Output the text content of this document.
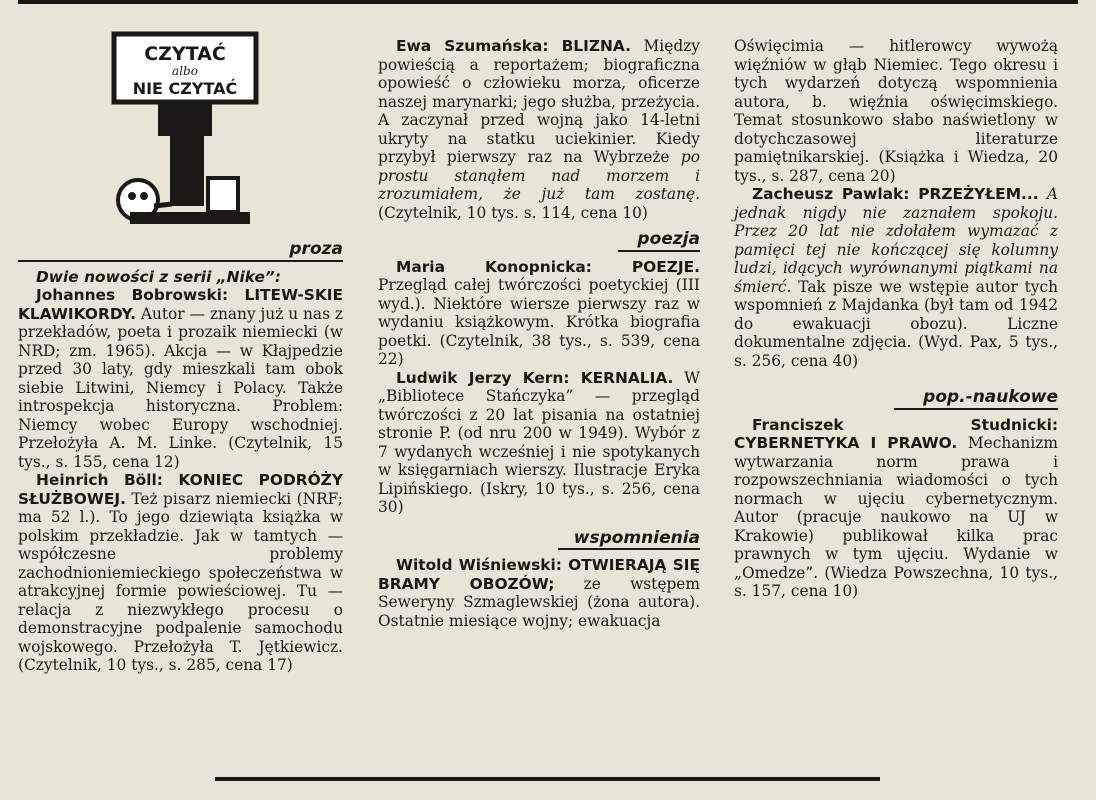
CZYTAĆ
albo
NIE CZYTAĆ
proza

Dwie nowości z serii „Nike”:

Johannes Bobrowski: LITEW-SKIE KLAWIKORDY. Autor — znany już u nas z przekładów, poeta i prozaik niemiecki (w NRD; zm. 1965). Akcja — w Kłajpedzie przed 30 laty, gdy mieszkali tam obok siebie Litwini, Niemcy i Polacy. Także introspekcja historyczna. Problem: Niemcy wobec Europy wschodniej. Przełożyła A. M. Linke. (Czytelnik, 15 tys., s. 155, cena 12)

Heinrich Böll: KONIEC PODRÓŻY SŁUŻBOWEJ. Też pisarz niemiecki (NRF; ma 52 l.). To jego dziewiąta książka w polskim przekładzie. Jak w tamtych — współczesne problemy zachodnioniemieckiego społeczeństwa w atrakcyjnej formie powieściowej. Tu — relacja z niezwykłego procesu o demonstracyjne podpalenie samochodu wojskowego. Przełożyła T. Jętkiewicz. (Czytelnik, 10 tys., s. 285, cena 17)

Ewa Szumańska: BLIZNA. Między powieścią a reportażem; biograficzna opowieść o człowieku morza, oficerze naszej marynarki; jego służba, przeżycia. A zaczynał przed wojną jako 14-letni ukryty na statku uciekinier. Kiedy przybył pierwszy raz na Wybrzeże po prostu stanąłem nad morzem i zrozumiałem, że już tam zostanę. (Czytelnik, 10 tys. s. 114, cena 10)

poezja

Maria Konopnicka: POEZJE. Przegląd całej twórczości poetyckiej (III wyd.). Niektóre wiersze pierwszy raz w wydaniu książkowym. Krótka biografia poetki. (Czytelnik, 38 tys., s. 539, cena 22)

Ludwik Jerzy Kern: KERNALIA. W „Bibliotece Stańczyka” — przegląd twórczości z 20 lat pisania na ostatniej stronie P. (od nru 200 w 1949). Wybór z 7 wydanych wcześniej i nie spotykanych w księgarniach wierszy. Ilustracje Eryka Lipińskiego. (Iskry, 10 tys., s. 256, cena 30)

wspomnienia

Witold Wiśniewski: OTWIERAJĄ SIĘ BRAMY OBOZÓW; ze wstępem Seweryny Szmaglewskiej (żona autora). Ostatnie miesiące wojny; ewakuacja

Oświęcimia — hitlerowcy wywożą więźniów w głąb Niemiec. Tego okresu i tych wydarzeń dotyczą wspomnienia autora, b. więźnia oświęcimskiego. Temat stosunkowo słabo naświetlony w dotychczasowej literaturze pamiętnikarskiej. (Książka i Wiedza, 20 tys., s. 287, cena 20)

Zacheusz Pawlak: PRZEŻYŁEM... A jednak nigdy nie zaznałem spokoju. Przez 20 lat nie zdołałem wymazać z pamięci tej nie kończącej się kolumny ludzi, idących wyrównanymi piątkami na śmierć. Tak pisze we wstępie autor tych wspomnień z Majdanka (był tam od 1942 do ewakuacji obozu). Liczne dokumentalne zdjęcia. (Wyd. Pax, 5 tys., s. 256, cena 40)

pop.-naukowe

Franciszek Studnicki: CYBERNETYKA I PRAWO. Mechanizm wytwarzania norm prawa i rozpowszechniania wiadomości o tych normach w ujęciu cybernetycznym. Autor (pracuje naukowo na UJ w Krakowie) publikował kilka prac prawnych w tym ujęciu. Wydanie w „Omedze”. (Wiedza Powszechna, 10 tys., s. 157, cena 10)
